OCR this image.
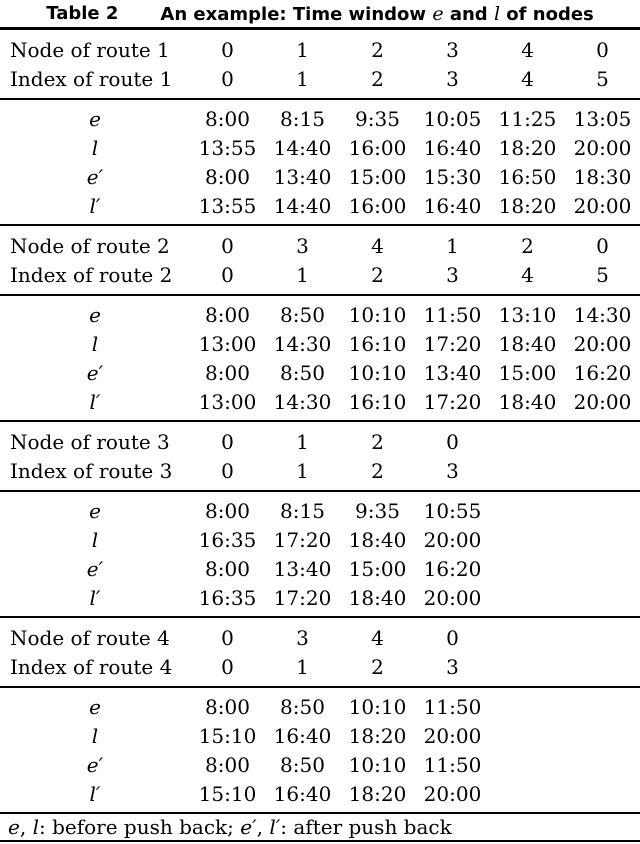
Table 2 An example: Time window e and l of nodes
Node of route 1	0	1	2	3	4	0
Index of route 1	0	1	2	3	4	5
e	8:00	8:15	9:35	10:05 11:25 13:05
l	13:55 14:40 16:00 16:40 18:20 20:00
e′	8:00	13:40 15:00 15:30 16:50 18:30
l′	13:55 14:40 16:00 16:40 18:20 20:00
Node of route 2	0	3	4	1	2	0
Index of route 2	0	1	2	3	4	5
e	8:00	8:50	10:10 11:50 13:10 14:30
l	13:00 14:30 16:10 17:20 18:40 20:00
e′	8:00	8:50	10:10 13:40 15:00 16:20
l′	13:00 14:30 16:10 17:20 18:40 20:00
Node of route 3	0	1	2	0
Index of route 3	0	1	2	3
e	8:00	8:15	9:35	10:55
l	16:35 17:20 18:40 20:00
e′	8:00	13:40 15:00 16:20
l′	16:35 17:20 18:40 20:00
Node of route 4	0	3	4	0
Index of route 4	0	1	2	3
e	8:00	8:50	10:10 11:50
l	15:10 16:40 18:20 20:00
e′	8:00	8:50	10:10 11:50
l′	15:10 16:40 18:20 20:00
e , l : before push back; e′ , l′ : after push back
